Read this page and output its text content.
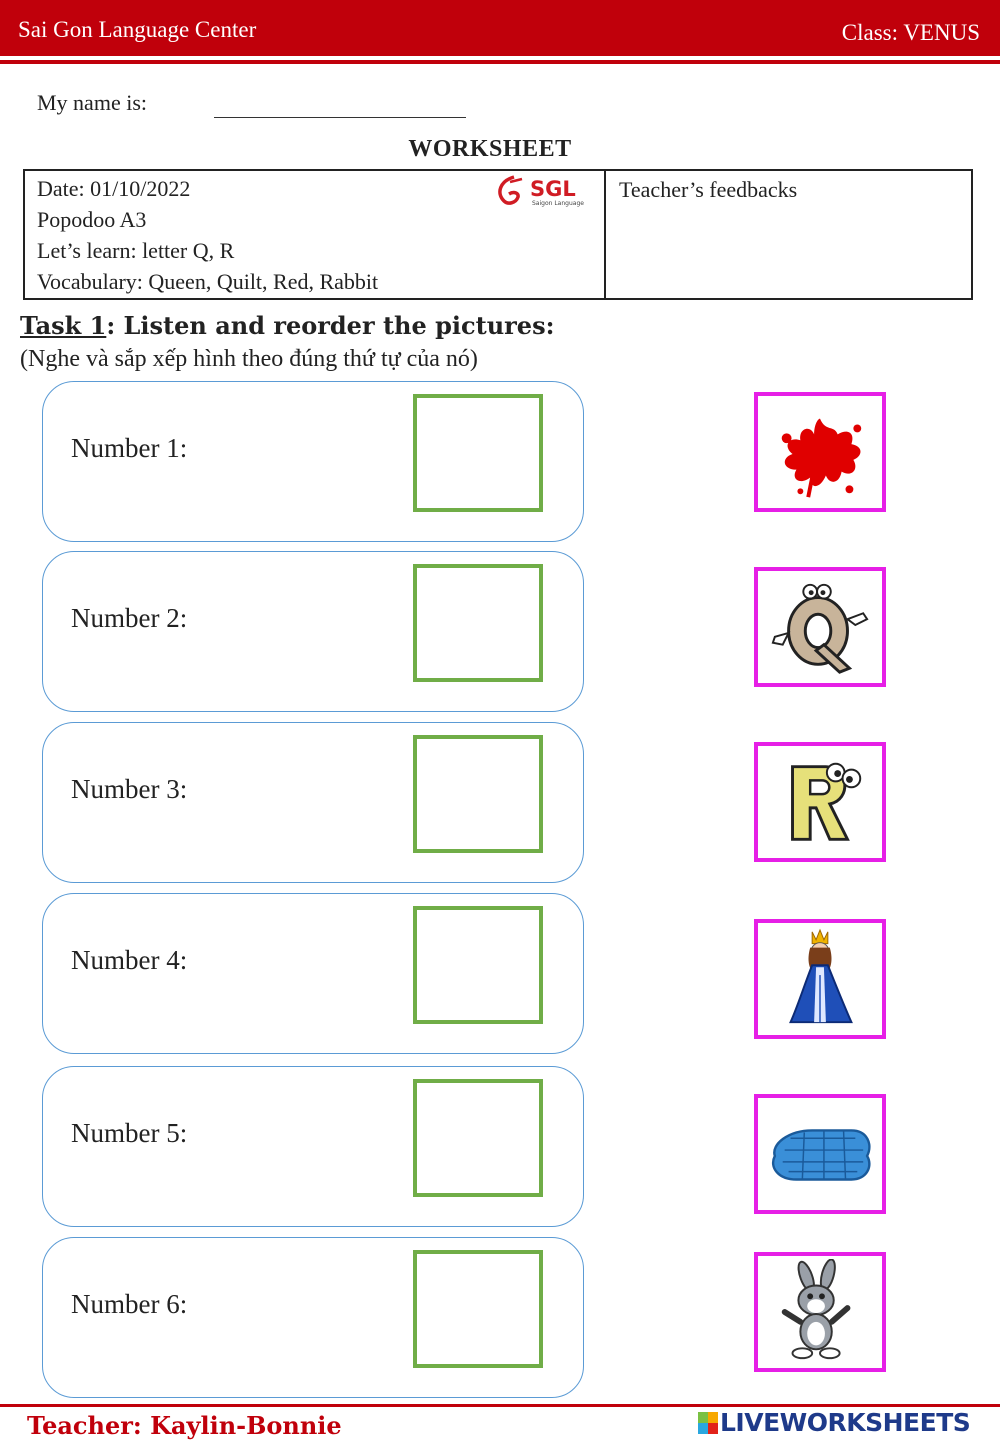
Sai Gon Language Center	Class: VENUS
My name is:
WORKSHEET
Date: 01/10/2022
Popodoo A3
Let’s learn: letter Q, R
Vocabulary: Queen, Quilt, Red, Rabbit
Teacher’s feedbacks
SGL
Saigon Language
Task 1: Listen and reorder the pictures:
(Nghe và sắp xếp hình theo đúng thứ tự của nó)
Number 1:
Number 2:
Number 3:
Number 4:
Number 5:
Number 6:
Teacher: Kaylin-Bonnie	LIVEWORKSHEETS
